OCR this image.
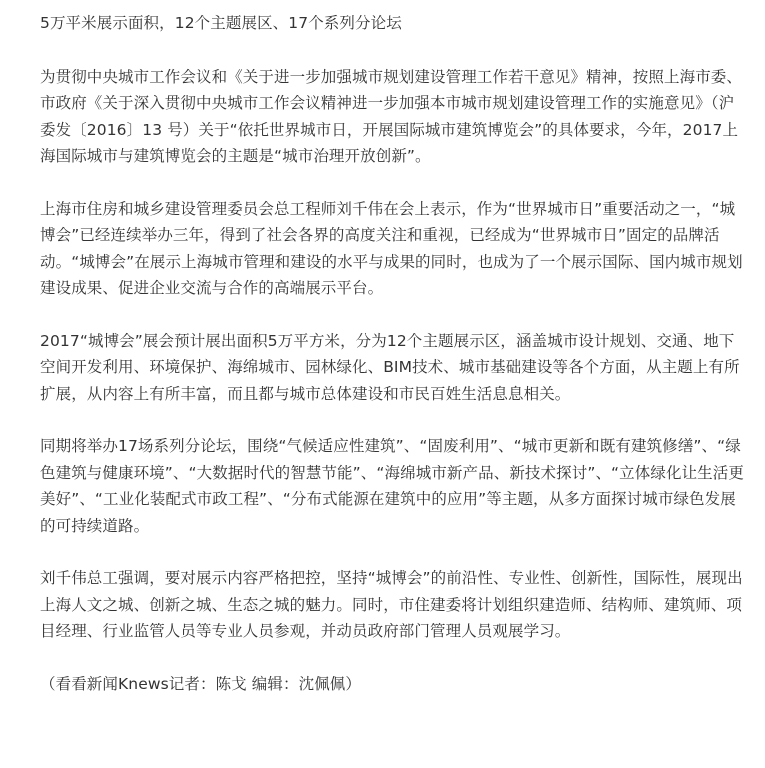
5万平米展示面积，12个主题展区、17个系列分论坛

为贯彻中央城市工作会议和《关于进一步加强城市规划建设管理工作若干意见》精神，按照上海市委、市政府《关于深入贯彻中央城市工作会议精神进一步加强本市城市规划建设管理工作的实施意见》（沪委发〔2016〕13 号）关于“依托世界城市日，开展国际城市建筑博览会”的具体要求，今年，2017上海国际城市与建筑博览会的主题是“城市治理开放创新”。

上海市住房和城乡建设管理委员会总工程师刘千伟在会上表示，作为“世界城市日”重要活动之一，“城博会”已经连续举办三年，得到了社会各界的高度关注和重视，已经成为“世界城市日”固定的品牌活动。“城博会”在展示上海城市管理和建设的水平与成果的同时，也成为了一个展示国际、国内城市规划建设成果、促进企业交流与合作的高端展示平台。

2017“城博会”展会预计展出面积5万平方米，分为12个主题展示区，涵盖城市设计规划、交通、地下空间开发利用、环境保护、海绵城市、园林绿化、BIM技术、城市基础建设等各个方面，从主题上有所扩展，从内容上有所丰富，而且都与城市总体建设和市民百姓生活息息相关。

同期将举办17场系列分论坛，围绕“气候适应性建筑”、“固废利用”、“城市更新和既有建筑修缮”、“绿色建筑与健康环境”、“大数据时代的智慧节能”、“海绵城市新产品、新技术探讨”、“立体绿化让生活更美好”、“工业化装配式市政工程”、“分布式能源在建筑中的应用”等主题，从多方面探讨城市绿色发展的可持续道路。

刘千伟总工强调，要对展示内容严格把控，坚持“城博会”的前沿性、专业性、创新性，国际性，展现出上海人文之城、创新之城、生态之城的魅力。同时，市住建委将计划组织建造师、结构师、建筑师、项目经理、行业监管人员等专业人员参观，并动员政府部门管理人员观展学习。

（看看新闻Knews记者：陈戈 编辑：沈佩佩）
